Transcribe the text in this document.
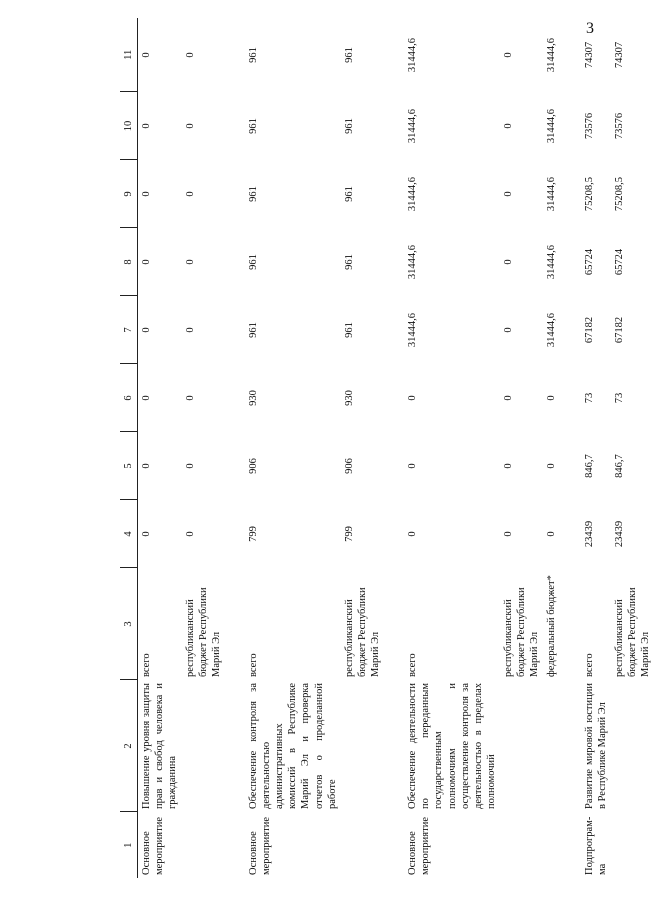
3
1	2	3	4	5	6	7	8	9	10	11
Основное мероприятие	Повышение уровня защиты прав и свобод человека и гражданина	всего	0	0	0	0	0	0	0	0
		республиканский бюджет Республики Марий Эл	0	0	0	0	0	0	0	0

Основное мероприятие	Обеспечение контроля за деятельностью административных комиссий в Республике Марий Эл и проверка отчетов о проделанной работе	всего	799	906	930	961	961	961	961	961
		республиканский бюджет Республики Марий Эл	799	906	930	961	961	961	961	961

Основное мероприятие	Обеспечение деятельности по переданным государственным полномочиям и осуществление контроля за деятельностью в пределах полномочий	всего	0	0	0	31444,6	31444,6	31444,6	31444,6	31444,6
		республиканский бюджет Республики Марий Эл	0	0	0	0	0	0	0	0
		федеральный бюджет*	0	0	0	31444,6	31444,6	31444,6	31444,6	31444,6

Подпрограм-ма	Развитие мировой юстиции в Республике Марий Эл	всего	23439	846,7	73	67182	65724	75208,5	73576	74307
		республиканский бюджет Республики Марий Эл	23439	846,7	73	67182	65724	75208,5	73576	74307
